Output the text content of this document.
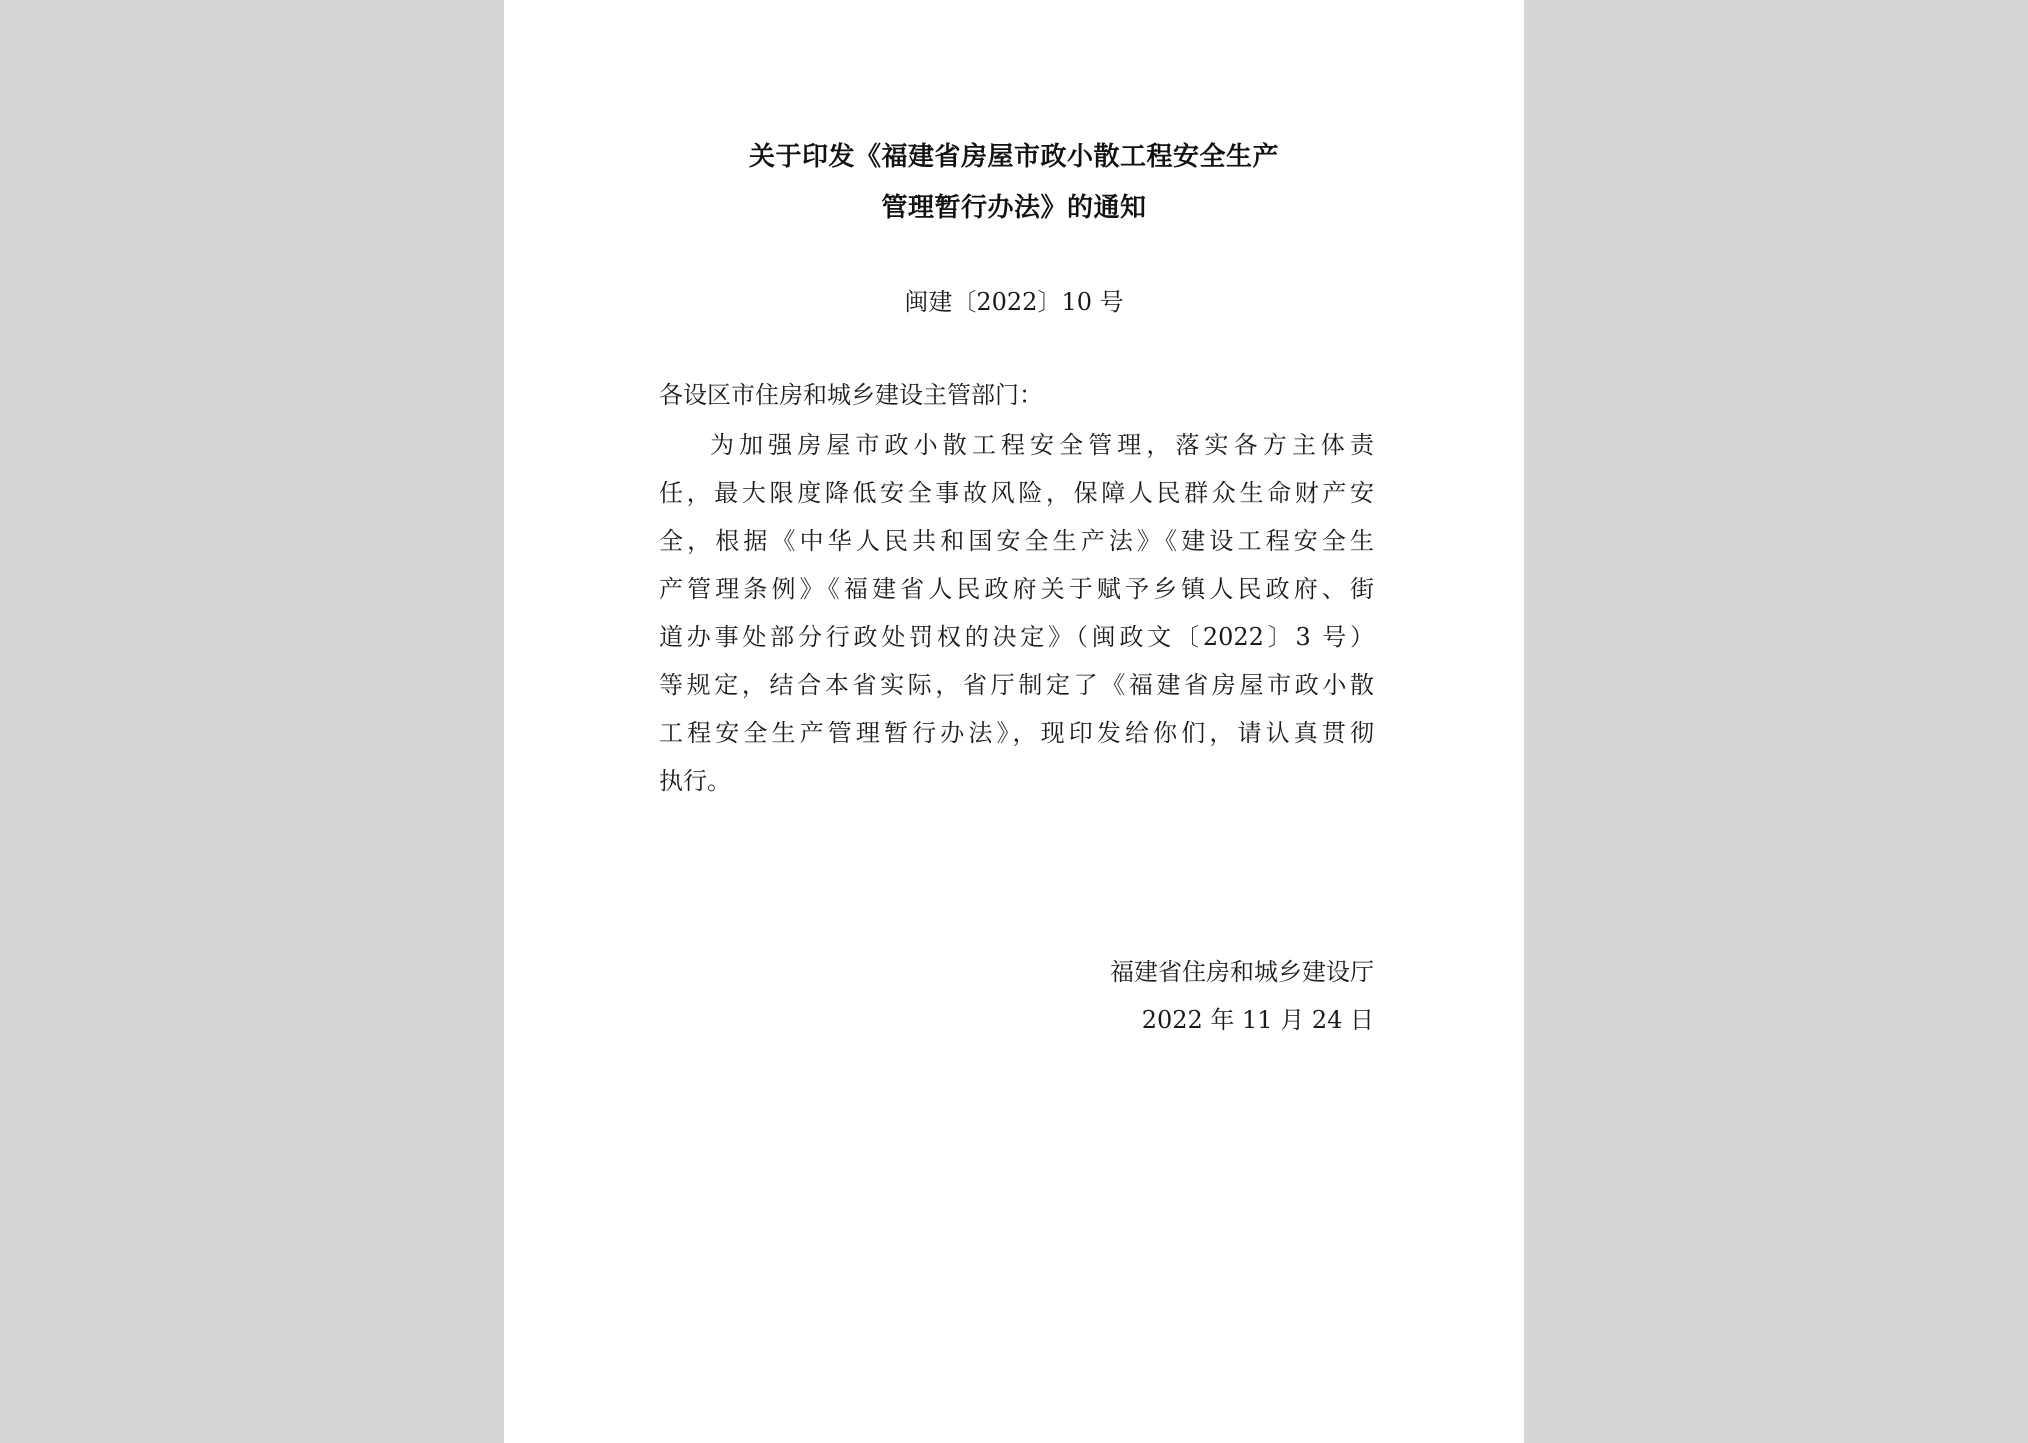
关于印发《福建省房屋市政小散工程安全生产
管理暂行办法》的通知
闽建〔2022〕10 号
各设区市住房和城乡建设主管部门：
为加强房屋市政小散工程安全管理，落实各方主体责
任，最大限度降低安全事故风险，保障人民群众生命财产安
全，根据《中华人民共和国安全生产法》《建设工程安全生
产管理条例》《福建省人民政府关于赋予乡镇人民政府、街
道办事处部分行政处罚权的决定》（闽政文〔2022〕3 号）
等规定，结合本省实际，省厅制定了《福建省房屋市政小散
工程安全生产管理暂行办法》，现印发给你们，请认真贯彻
执行。
福建省住房和城乡建设厅
2022 年 11 月 24 日
